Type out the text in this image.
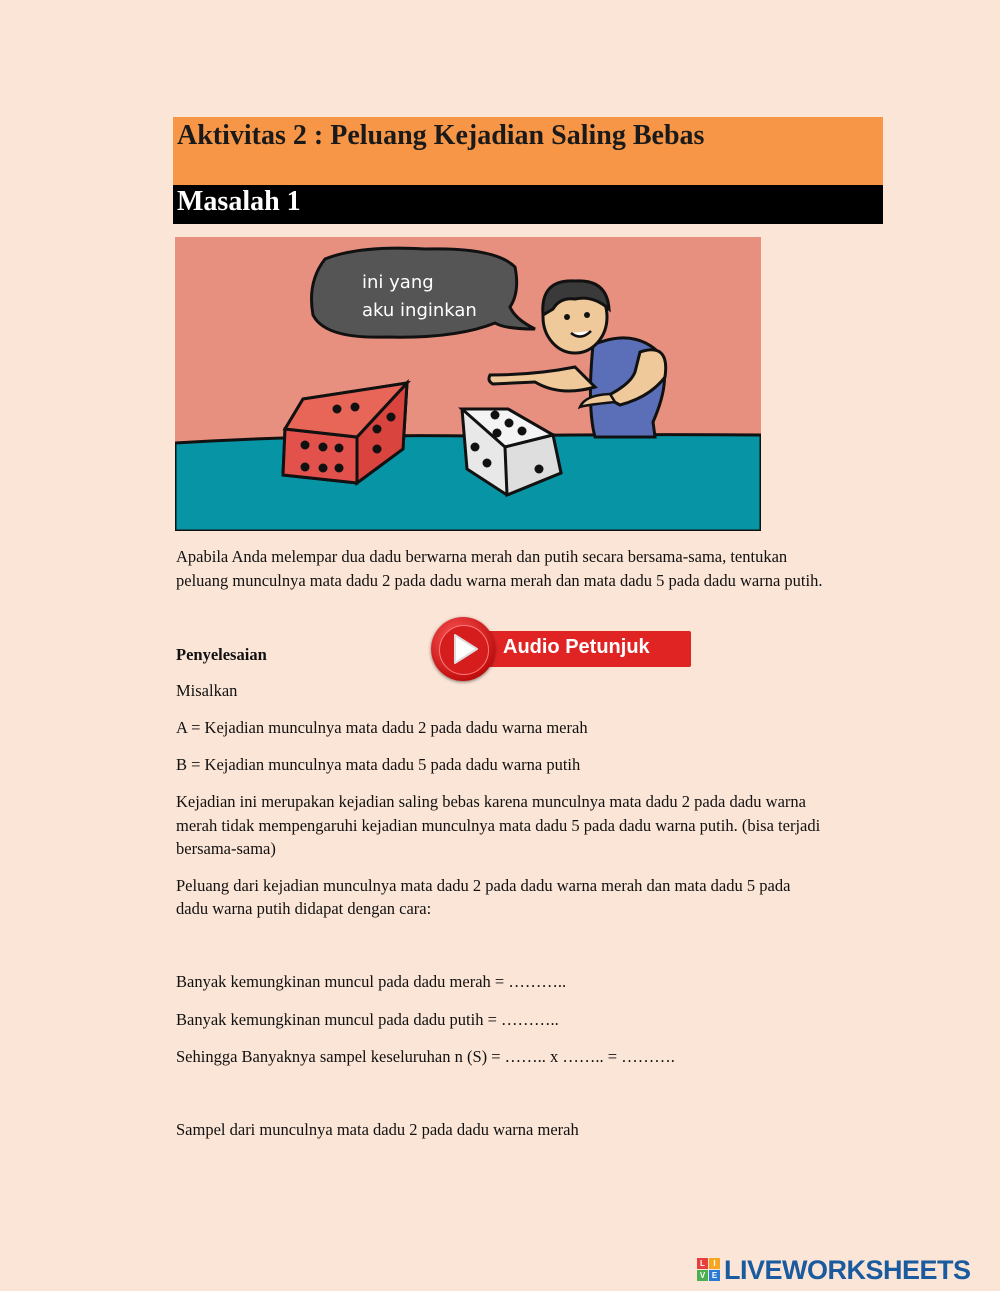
Aktivitas 2 : Peluang Kejadian Saling Bebas
Masalah 1
ini yang
aku inginkan
Apabila Anda melempar dua dadu berwarna merah dan putih secara bersama-sama, tentukan
peluang munculnya mata dadu 2 pada dadu warna merah dan mata dadu 5 pada dadu warna putih.
Penyelesaian	Audio Petunjuk
Misalkan
A = Kejadian munculnya mata dadu 2 pada dadu warna merah
B = Kejadian munculnya mata dadu 5 pada dadu warna putih
Kejadian ini merupakan kejadian saling bebas karena munculnya mata dadu 2 pada dadu warna
merah tidak mempengaruhi kejadian munculnya mata dadu 5 pada dadu warna putih. (bisa terjadi
bersama-sama)
Peluang dari kejadian munculnya mata dadu 2 pada dadu warna merah dan mata dadu 5 pada
dadu warna putih didapat dengan cara:
Banyak kemungkinan muncul pada dadu merah = ………..
Banyak kemungkinan muncul pada dadu putih = ………..
Sehingga Banyaknya sampel keseluruhan n (S) = …….. x …….. = ……….
Sampel dari munculnya mata dadu 2 pada dadu warna merah
L	I
V E LIVEWORKSHEETS
